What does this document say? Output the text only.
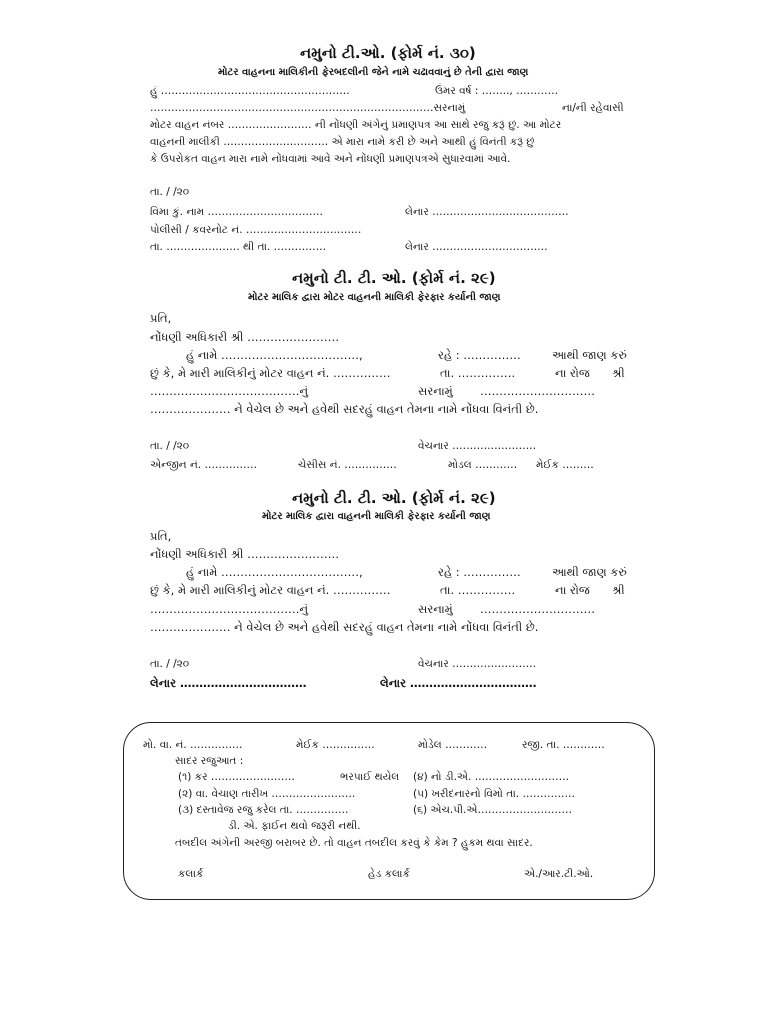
નમુનો ટી.ઓ. (ફોર્મ નં. ૩૦)
મોટર વાહનના માલિકીની ફેરબદલીની જેને નામે ચઢાવવાનું છે તેની દ્વારા જાણ
હું ………………………………………………	ઉંમર વર્ષ : …….., …………
………………………………………………………………………સરનામું	ના/ની રહેવાસી
મોટર વાહન નંબર …………………… ની નોંધણી અંગેનું પ્રમાણપત્ર આ સાથે રજુ કરૂં છું. આ મોટર
વાહનની માલીકી ………………………… એ મારા નામે કરી છે અને આથી હું વિનંતી કરૂં છું
કે ઉપરોકત વાહન મારા નામે નોંધવામાં આવે અને નોંધણી પ્રમાણપત્રએ સુધારવામાં આવે.
તા. / /૨૦
વિમા કું. નામ ……………………………	લેનાર …………………………………
પોલીસી / કવરનોટ નં. ……………………………
તા. ………………… થી તા. ……………	લેનાર ……………………………
નમુનો ટી. ટી. ઓ. (ફોર્મ નં. ૨૯)
મોટર માલિક દ્વારા મોટર વાહનની માલિકી ફેરફાર કર્યાની જાણ
પ્રતિ,
નોંધણી અધિકારી શ્રી ……………………
હું નામે ………………………………,	રહે : ……………	આથી જાણ કરું
છું કે, મે મારી માલિકીનું મોટર વાહન નં. ……………	તા. ……………	ના રોજ શ્રી
…………………………………નું	સરનામું …………………………
………………… ને વેચેલ છે અને હવેથી સદરહું વાહન તેમના નામે નોંધવા વિનંતી છે.
તા. / /૨૦	વેચનાર ……………………
એન્જીન નં. ……………	ચેસીસ નં. ……………	મોડલ ………… મેઈક ………
નમુનો ટી. ટી. ઓ. (ફોર્મ નં. ૨૯)
મોટર માલિક દ્વારા વાહનની માલિકી ફેરફાર કર્યાની જાણ
પ્રતિ,
નોંધણી અધિકારી શ્રી ……………………
હું નામે ………………………………,	રહે : ……………	આથી જાણ કરું
છું કે, મે મારી માલિકીનું મોટર વાહન નં. ……………	તા. ……………	ના રોજ શ્રી
…………………………………નું	સરનામું …………………………
………………… ને વેચેલ છે અને હવેથી સદરહું વાહન તેમના નામે નોંધવા વિનંતી છે.
તા. / /૨૦	વેચનાર ……………………
લેનાર ……………………………	લેનાર ……………………………
મો. વા. નં. ……………	મેઈક ……………	મોડેલ …………	રજી. તા. …………
સાદર રજુઆત :
(૧) કર ……………………	ભરપાઈ થયેલ (૪) નો ડી.એ. ………………………
(૨) વા. વેચાણ તારીખ ……………………	(૫) ખરીદનારનો વિમો તા. ……………
(૩) દસ્તાવેજ રજુ કરેલ તા. ……………	(૬) એચ.પી.એ………………………
ડી. એ. ફાઈન થવો જરૂરી નથી.
તબદીલ અંગેની અરજી બરાબર છે. તો વાહન તબદીલ કરવું કે કેમ ? હુકમ થવા સાદર.
કલાર્ક	હેડ કલાર્ક	એ./આર.ટી.ઓ.
